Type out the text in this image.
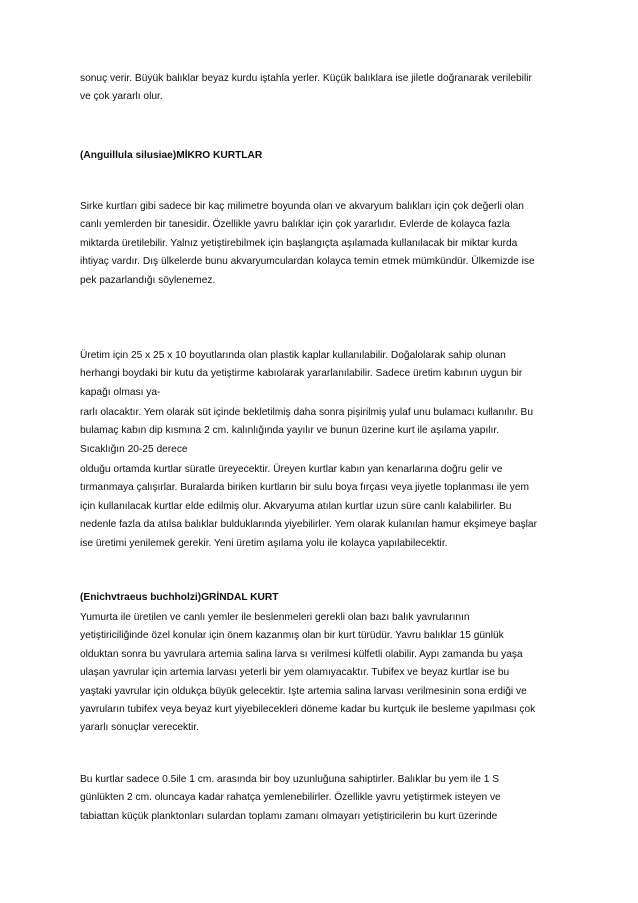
sonuç verir. Büyük balıklar beyaz kurdu iştahla yerler. Küçük balıklara ise jiletle doğranarak verilebilir
ve çok yararlı olur.

(Anguillula silusiae)MİKRO KURTLAR

Sirke kurtları gibi sadece bir kaç milimetre boyunda olan ve akvaryum balıkları için çok değerli olan
canlı yemlerden bir tanesidir. Özellikle yavru balıklar için çok yararlıdır. Evlerde de kolayca fazla
miktarda üretilebilir. Yalnız yetiştirebilmek için başlangıçta aşılamada kullanılacak bir miktar kurda
ihtiyaç vardır. Dış ülkelerde bunu akvaryumculardan kolayca temin etmek mümkündür. Ülkemizde ise
pek pazarlandığı söylenemez.

Üretim için 25 x 25 x 10 boyutlarında olan plastik kaplar kullanılabilir. Doğalolarak sahip olunan
herhangi boydaki bir kutu da yetiştirme kabıolarak yararlanılabilir. Sadece üretim kabının uygun bir
kapağı olması ya-

rarlı olacaktır. Yem olarak süt içinde bekletilmiş daha sonra pişirilmiş yulaf unu bulamacı kullanılır. Bu
bulamaç kabın dip kısmına 2 cm. kalınlığında yayılır ve bunun üzerine kurt ile aşılama yapılır.
Sıcaklığın 20-25 derece

olduğu ortamda kurtlar süratle üreyecektir. Üreyen kurtlar kabın yan kenarlarına doğru gelir ve
tırmanmaya çalışırlar. Buralarda biriken kurtların bir sulu boya fırçası veya jiyetle toplanması ile yem
için kullanılacak kurtlar elde edilmiş olur. Akvaryuma atılan kurtlar uzun süre canlı kalabilirler. Bu
nedenle fazla da atılsa balıklar bulduklarında yiyebilirler. Yem olarak kulanılan hamur ekşimeye başlar
ise üretimi yenilemek gerekir. Yeni üretim aşılama yolu ile kolayca yapılabilecektir.

(Enichvtraeus buchholzi)GRİNDAL KURT

Yumurta ile üretilen ve canlı yemler ile beslenmeleri gerekli olan bazı balık yavrularının
yetiştiriciliğinde özel konular için önem kazanmış olan bir kurt türüdür. Yavru balıklar 15 günlük
olduktan sonra bu yavrulara artemia salina larva sı verilmesi külfetli olabilir. Aypı zamanda bu yaşa
ulaşan yavrular için artemia larvası yeterli bir yem olamıyacaktır. Tubifex ve beyaz kurtlar ise bu
yaştaki yavrular için oldukça büyük gelecektir. Işte artemia salina larvası verilmesinin sona erdiği ve
yavruların tubifex veya beyaz kurt yiyebilecekleri döneme kadar bu kurtçuk ile besleme yapılması çok
yararlı sonuçlar verecektir.

Bu kurtlar sadece 0.5ile 1 cm. arasında bir boy uzunluğuna sahiptirler. Balıklar bu yem ile 1 S
günlükten 2 cm. oluncaya kadar rahatça yemlenebilirler. Özellikle yavru yetiştirmek isteyen ve
tabiattan küçük planktonları sulardan toplamı zamanı olmayarı yetiştiricilerin bu kurt üzerinde
